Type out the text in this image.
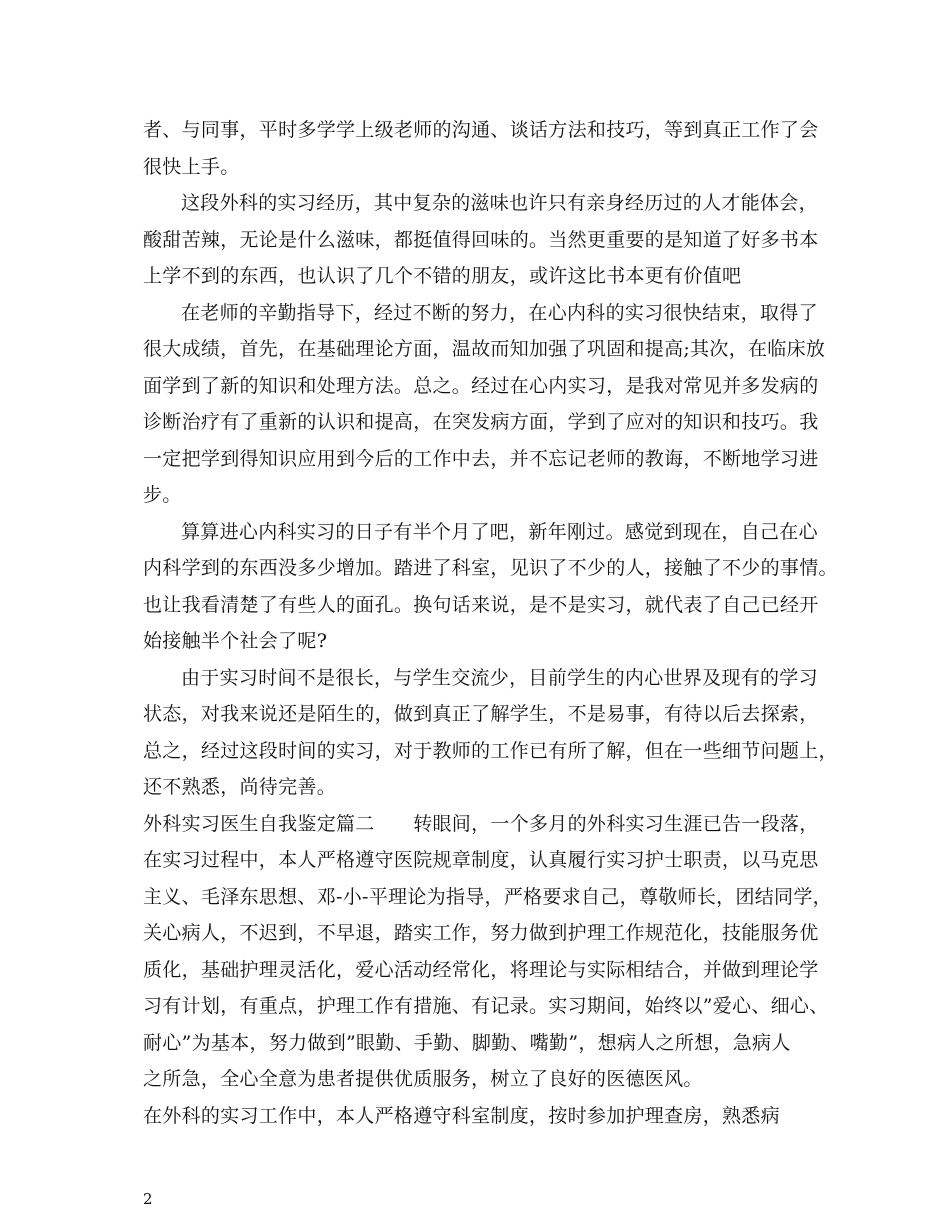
者、与同事，平时多学学上级老师的沟通、谈话方法和技巧，等到真正工作了会
很快上手。
这段外科的实习经历，其中复杂的滋味也许只有亲身经历过的人才能体会，
酸甜苦辣，无论是什么滋味，都挺值得回味的。当然更重要的是知道了好多书本
上学不到的东西，也认识了几个不错的朋友，或许这比书本更有价值吧
在老师的辛勤指导下，经过不断的努力，在心内科的实习很快结束，取得了
很大成绩，首先，在基础理论方面，温故而知加强了巩固和提高;其次，在临床放
面学到了新的知识和处理方法。总之。经过在心内实习，是我对常见并多发病的
诊断治疗有了重新的认识和提高，在突发病方面，学到了应对的知识和技巧。我
一定把学到得知识应用到今后的工作中去，并不忘记老师的教诲，不断地学习进
步。
算算进心内科实习的日子有半个月了吧，新年刚过。感觉到现在，自己在心
内科学到的东西没多少增加。踏进了科室，见识了不少的人，接触了不少的事情。
也让我看清楚了有些人的面孔。换句话来说，是不是实习，就代表了自己已经开
始接触半个社会了呢?
由于实习时间不是很长，与学生交流少，目前学生的内心世界及现有的学习
状态，对我来说还是陌生的，做到真正了解学生，不是易事，有待以后去探索，
总之，经过这段时间的实习，对于教师的工作已有所了解，但在一些细节问题上，
还不熟悉，尚待完善。
外科实习医生自我鉴定篇二　　转眼间，一个多月的外科实习生涯已告一段落，
在实习过程中，本人严格遵守医院规章制度，认真履行实习护士职责，以马克思
主义、毛泽东思想、邓-小-平理论为指导，严格要求自己，尊敬师长，团结同学，
关心病人，不迟到，不早退，踏实工作，努力做到护理工作规范化，技能服务优
质化，基础护理灵活化，爱心活动经常化，将理论与实际相结合，并做到理论学
习有计划，有重点，护理工作有措施、有记录。实习期间，始终以”爱心、细心、
耐心”为基本，努力做到”眼勤、手勤、脚勤、嘴勤”，想病人之所想，急病人
之所急，全心全意为患者提供优质服务，树立了良好的医德医风。
在外科的实习工作中，本人严格遵守科室制度，按时参加护理查房，熟悉病
2
